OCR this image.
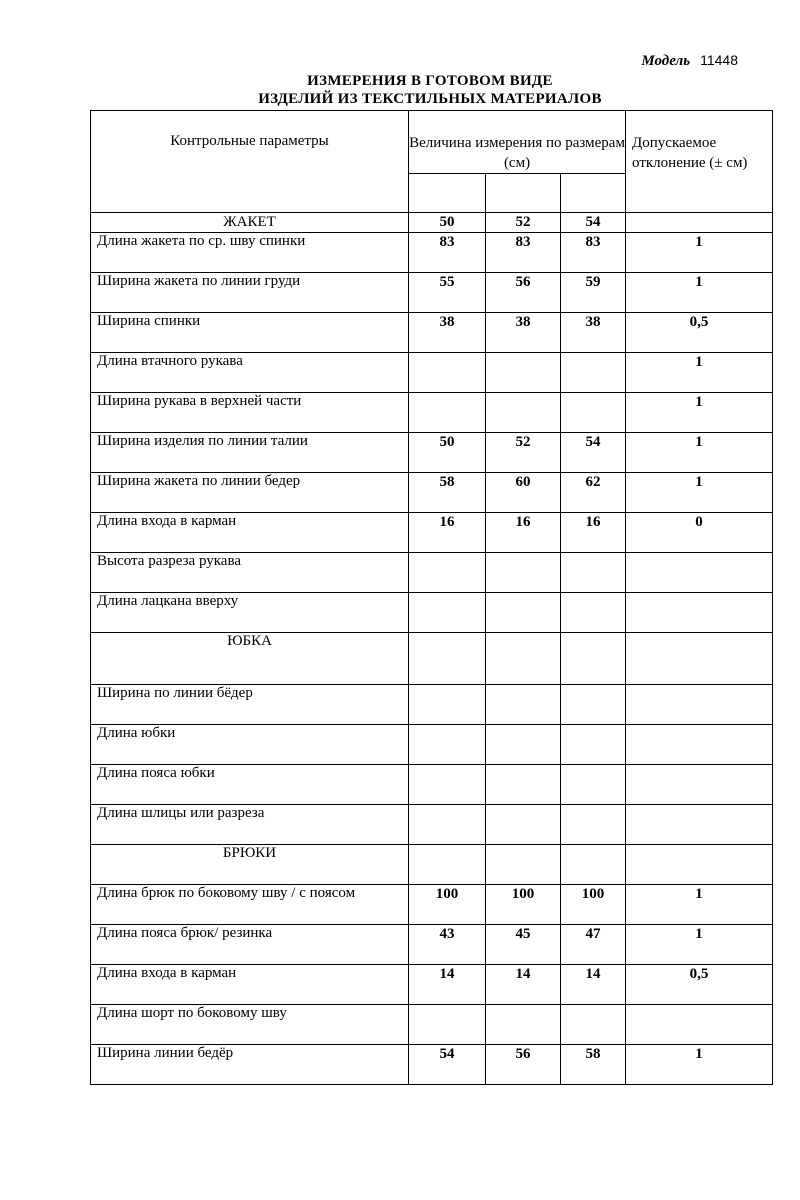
Модель 11448
ИЗМЕРЕНИЯ В ГОТОВОМ ВИДЕ
ИЗДЕЛИЙ ИЗ ТЕКСТИЛЬНЫХ МАТЕРИАЛОВ
Контрольные параметры	Величина измерения по размерам (см)			Допускаемое отклонение (± см)

ЖАКЕТ	50	52	54	
Длина жакета по ср. шву спинки	83	83	83	1
Ширина жакета по линии груди	55	56	59	1
Ширина спинки	38	38	38	0,5
Длина втачного рукава				1
Ширина рукава в верхней части				1
Ширина изделия по линии талии	50	52	54	1
Ширина жакета по линии бедер	58	60	62	1
Длина входа в карман	16	16	16	0
Высота разреза рукава				
Длина лацкана вверху				
ЮБКА				
Ширина по линии бёдер				
Длина юбки				
Длина пояса юбки				
Длина шлицы или разреза				
БРЮКИ				
Длина брюк по боковому шву / с поясом	100	100	100	1
Длина пояса брюк/ резинка	43	45	47	1
Длина входа в карман	14	14	14	0,5
Длина шорт по боковому шву				
Ширина линии бедёр	54	56	58	1
